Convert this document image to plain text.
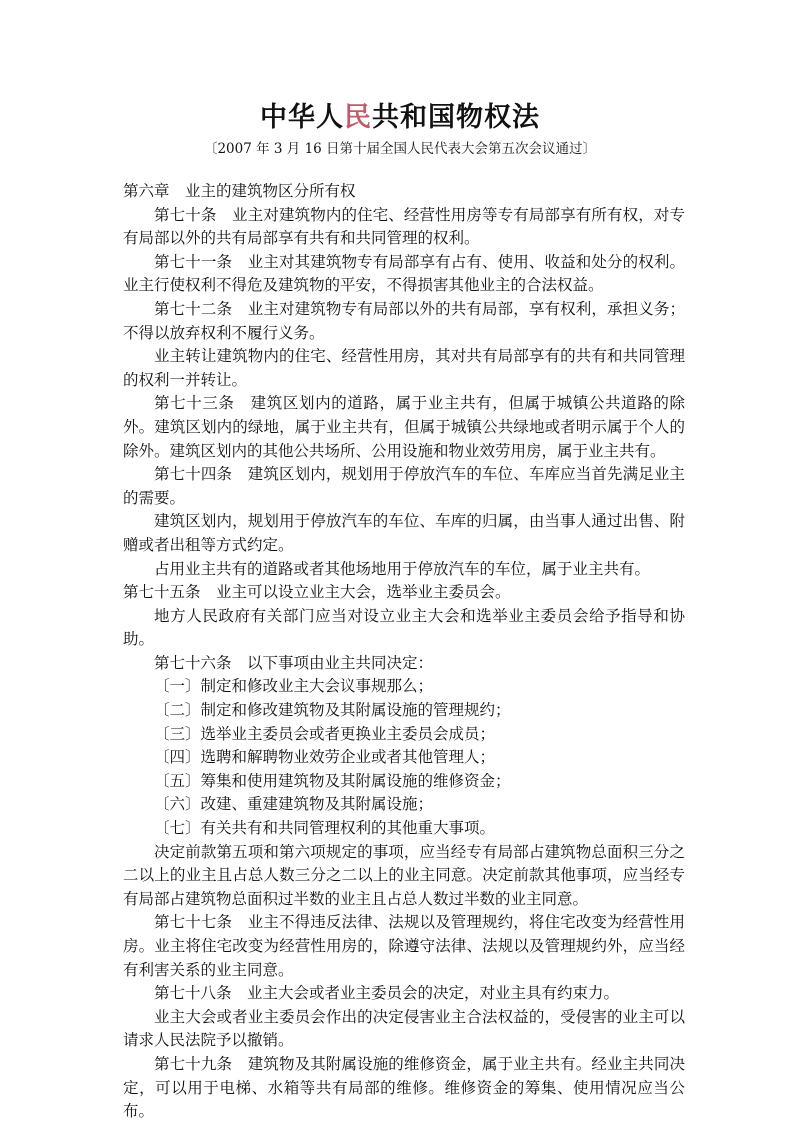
中华人民共和国物权法
〔2007 年 3 月 16 日第十届全国人民代表大会第五次会议通过〕

第六章　业主的建筑物区分所有权

第七十条　业主对建筑物内的住宅、经营性用房等专有局部享有所有权，对专有局部以外的共有局部享有共有和共同管理的权利。

第七十一条　业主对其建筑物专有局部享有占有、使用、收益和处分的权利。业主行使权利不得危及建筑物的平安，不得损害其他业主的合法权益。

第七十二条　业主对建筑物专有局部以外的共有局部，享有权利，承担义务；不得以放弃权利不履行义务。

业主转让建筑物内的住宅、经营性用房，其对共有局部享有的共有和共同管理的权利一并转让。

第七十三条　建筑区划内的道路，属于业主共有，但属于城镇公共道路的除外。建筑区划内的绿地，属于业主共有，但属于城镇公共绿地或者明示属于个人的除外。建筑区划内的其他公共场所、公用设施和物业效劳用房，属于业主共有。

第七十四条　建筑区划内，规划用于停放汽车的车位、车库应当首先满足业主的需要。

建筑区划内，规划用于停放汽车的车位、车库的归属，由当事人通过出售、附赠或者出租等方式约定。

占用业主共有的道路或者其他场地用于停放汽车的车位，属于业主共有。

第七十五条　业主可以设立业主大会，选举业主委员会。

地方人民政府有关部门应当对设立业主大会和选举业主委员会给予指导和协助。

第七十六条　以下事项由业主共同决定：

〔一〕制定和修改业主大会议事规那么；

〔二〕制定和修改建筑物及其附属设施的管理规约；

〔三〕选举业主委员会或者更换业主委员会成员；

〔四〕选聘和解聘物业效劳企业或者其他管理人；

〔五〕筹集和使用建筑物及其附属设施的维修资金；

〔六〕改建、重建建筑物及其附属设施；

〔七〕有关共有和共同管理权利的其他重大事项。

决定前款第五项和第六项规定的事项，应当经专有局部占建筑物总面积三分之二以上的业主且占总人数三分之二以上的业主同意。决定前款其他事项，应当经专有局部占建筑物总面积过半数的业主且占总人数过半数的业主同意。

第七十七条　业主不得违反法律、法规以及管理规约，将住宅改变为经营性用房。业主将住宅改变为经营性用房的，除遵守法律、法规以及管理规约外，应当经有利害关系的业主同意。

第七十八条　业主大会或者业主委员会的决定，对业主具有约束力。

业主大会或者业主委员会作出的决定侵害业主合法权益的，受侵害的业主可以请求人民法院予以撤销。

第七十九条　建筑物及其附属设施的维修资金，属于业主共有。经业主共同决定，可以用于电梯、水箱等共有局部的维修。维修资金的筹集、使用情况应当公布。
